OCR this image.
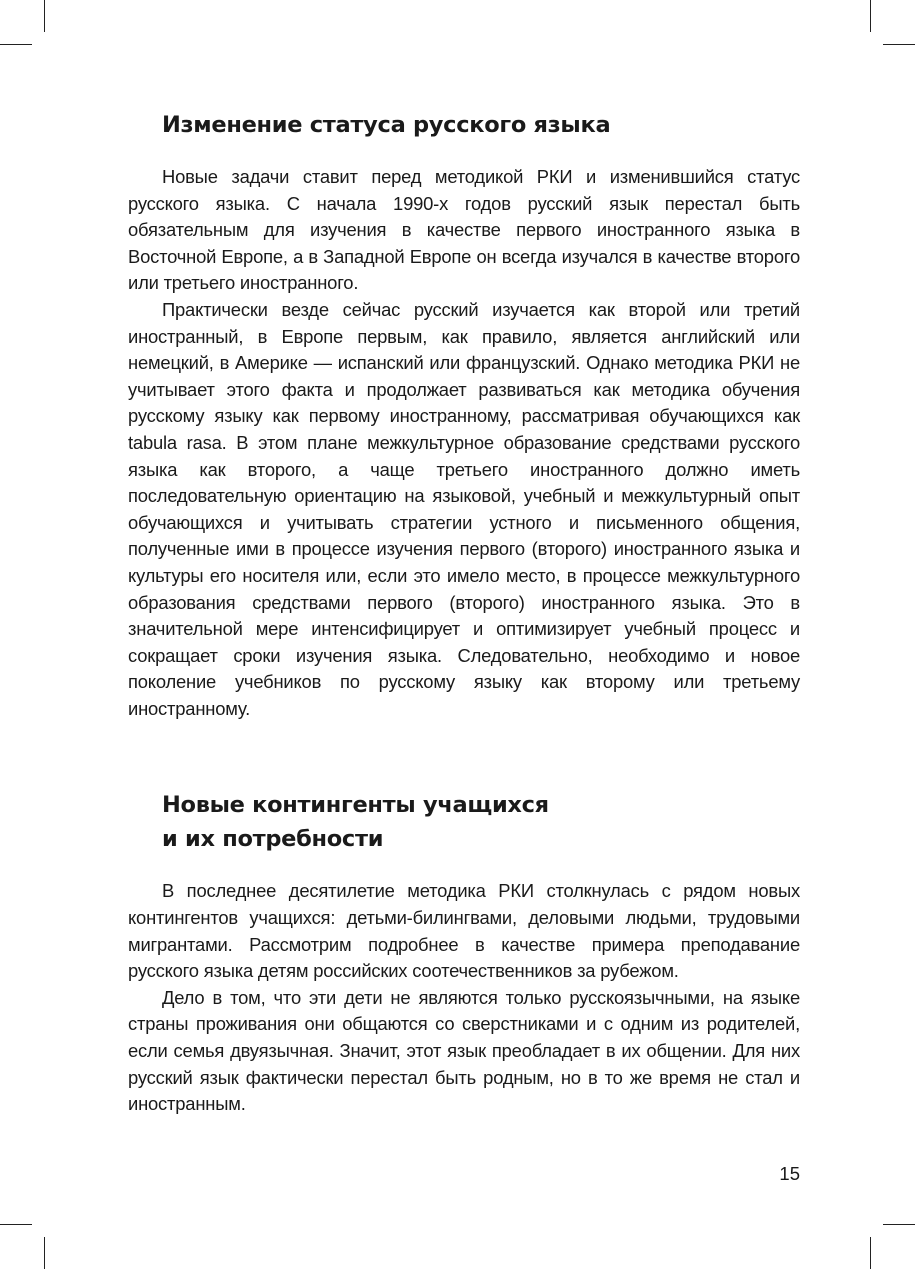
Изменение статуса русского языка

Новые задачи ставит перед методикой РКИ и изменившийся статус русского языка. С начала 1990-х годов русский язык перестал быть обязательным для изучения в качестве первого иностранного языка в Восточной Европе, а в Западной Европе он всегда изучался в качестве второго или третьего иностранного.

Практически везде сейчас русский изучается как второй или третий иностранный, в Европе первым, как правило, является английский или немецкий, в Америке — испанский или французский. Однако методика РКИ не учитывает этого факта и продолжает развиваться как методика обучения русскому языку как первому иностранному, рассматривая обучающихся как tabula rasa. В этом плане межкультурное образование средствами русского языка как второго, а чаще третьего иностранного должно иметь последовательную ориентацию на языковой, учебный и межкультурный опыт обучающихся и учитывать стратегии устного и письменного общения, полученные ими в процессе изучения первого (второго) иностранного языка и культуры его носителя или, если это имело место, в процессе межкультурного образования средствами первого (второго) иностранного языка. Это в значительной мере интенсифицирует и оптимизирует учебный процесс и сокращает сроки изучения языка. Следовательно, необходимо и новое поколение учебников по русскому языку как второму или третьему иностранному.

Новые контингенты учащихся
и их потребности

В последнее десятилетие методика РКИ столкнулась с рядом новых контингентов учащихся: детьми-билингвами, деловыми людьми, трудовыми мигрантами. Рассмотрим подробнее в качестве примера преподавание русского языка детям российских соотечественников за рубежом.

Дело в том, что эти дети не являются только русскоязычными, на языке страны проживания они общаются со сверстниками и с одним из родителей, если семья двуязычная. Значит, этот язык преобладает в их общении. Для них русский язык фактически перестал быть родным, но в то же время не стал и иностранным.

15
